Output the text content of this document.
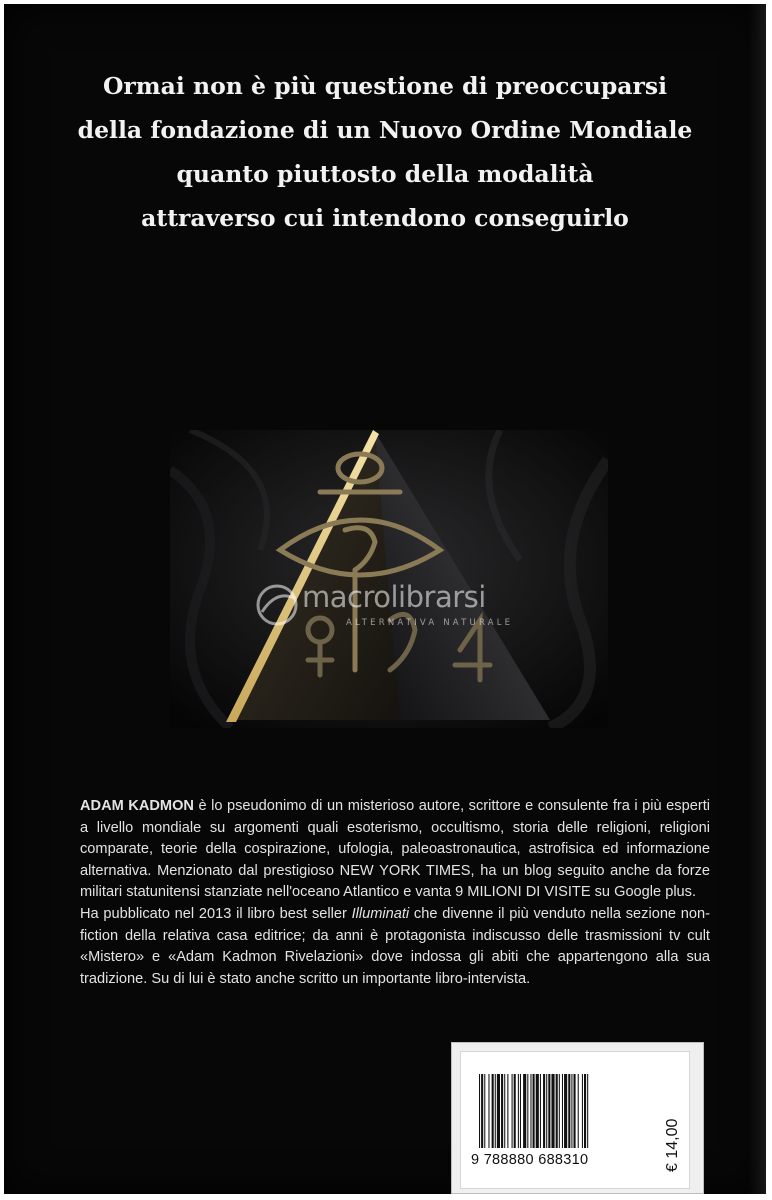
Ormai non è più questione di preoccuparsi
della fondazione di un Nuovo Ordine Mondiale
quanto piuttosto della modalità
attraverso cui intendono conseguirlo
macrolibrarsi
ALTERNATIVA NATURALE

ADAM KADMON è lo pseudonimo di un misterioso autore, scrittore e consulente fra i più esperti a livello mondiale su argomenti quali esoterismo, occultismo, storia delle religioni, religioni comparate, teorie della cospirazione, ufologia, paleoastronautica, astrofisica ed informazione alternativa. Menzionato dal prestigioso NEW YORK TIMES, ha un blog seguito anche da forze militari statunitensi stanziate nell'oceano Atlantico e vanta 9 MILIONI DI VISITE su Google plus.

Ha pubblicato nel 2013 il libro best seller Illuminati che divenne il più venduto nella sezione non-fiction della relativa casa editrice; da anni è protagonista indiscusso delle trasmissioni tv cult «Mistero» e «Adam Kadmon Rivelazioni» dove indossa gli abiti che appartengono alla sua tradizione. Su di lui è stato anche scritto un importante libro-intervista.

9 788880 688310	€ 14,00
